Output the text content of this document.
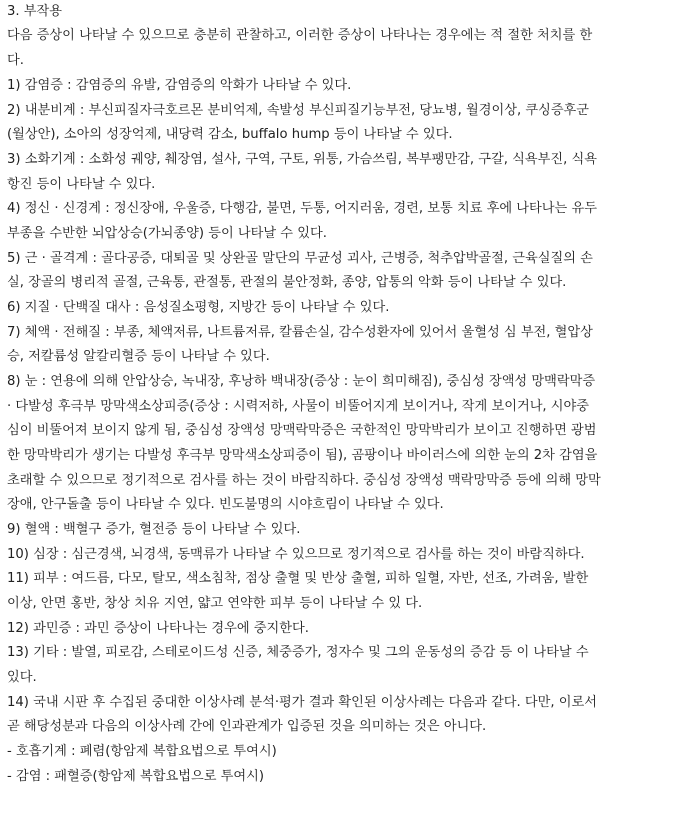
3. 부작용
다음 증상이 나타날 수 있으므로 충분히 관찰하고, 이러한 증상이 나타나는 경우에는 적 절한 처치를 한
다.
1) 감염증 : 감염증의 유발, 감염증의 악화가 나타날 수 있다.
2) 내분비계 : 부신피질자극호르몬 분비억제, 속발성 부신피질기능부전, 당뇨병, 월경이상, 쿠싱증후군
(월상안), 소아의 성장억제, 내당력 감소, buffalo hump 등이 나타날 수 있다.
3) 소화기계 : 소화성 궤양, 췌장염, 설사, 구역, 구토, 위통, 가슴쓰림, 복부팽만감, 구갈, 식욕부진, 식욕
항진 등이 나타날 수 있다.
4) 정신 · 신경계 : 정신장애, 우울증, 다행감, 불면, 두통, 어지러움, 경련, 보통 치료 후에 나타나는 유두
부종을 수반한 뇌압상승(가뇌종양) 등이 나타날 수 있다.
5) 근 · 골격계 : 골다공증, 대퇴골 및 상완골 말단의 무균성 괴사, 근병증, 척추압박골절, 근육실질의 손
실, 장골의 병리적 골절, 근육통, 관절통, 관절의 불안정화, 종양, 압통의 악화 등이 나타날 수 있다.
6) 지질 · 단백질 대사 : 음성질소평형, 지방간 등이 나타날 수 있다.
7) 체액 · 전해질 : 부종, 체액저류, 나트륨저류, 칼륨손실, 감수성환자에 있어서 울혈성 심 부전, 혈압상
승, 저칼륨성 알칼리혈증 등이 나타날 수 있다.
8) 눈 : 연용에 의해 안압상승, 녹내장, 후낭하 백내장(증상 : 눈이 희미해짐), 중심성 장액성 망맥락막증
· 다발성 후극부 망막색소상피증(증상 : 시력저하, 사물이 비뚤어지게 보이거나, 작게 보이거나, 시야중
심이 비뚤어져 보이지 않게 됨, 중심성 장액성 망맥락막증은 국한적인 망막박리가 보이고 진행하면 광범
한 망막박리가 생기는 다발성 후극부 망막색소상피증이 됨), 곰팡이나 바이러스에 의한 눈의 2차 감염을
초래할 수 있으므로 정기적으로 검사를 하는 것이 바람직하다. 중심성 장액성 맥락망막증 등에 의해 망막
장애, 안구돌출 등이 나타날 수 있다. 빈도불명의 시야흐림이 나타날 수 있다.
9) 혈액 : 백혈구 증가, 혈전증 등이 나타날 수 있다.
10) 심장 : 심근경색, 뇌경색, 동맥류가 나타날 수 있으므로 정기적으로 검사를 하는 것이 바람직하다.
11) 피부 : 여드름, 다모, 탈모, 색소침착, 점상 출혈 및 반상 출혈, 피하 일혈, 자반, 선조, 가려움, 발한
이상, 안면 홍반, 창상 치유 지연, 얇고 연약한 피부 등이 나타날 수 있 다.
12) 과민증 : 과민 증상이 나타나는 경우에 중지한다.
13) 기타 : 발열, 피로감, 스테로이드성 신증, 체중증가, 정자수 및 그의 운동성의 증감 등 이 나타날 수
있다.
14) 국내 시판 후 수집된 중대한 이상사례 분석·평가 결과 확인된 이상사례는 다음과 같다. 다만, 이로서
곧 해당성분과 다음의 이상사례 간에 인과관계가 입증된 것을 의미하는 것은 아니다.
- 호흡기계 : 폐렴(항암제 복합요법으로 투여시)
- 감염 : 패혈증(항암제 복합요법으로 투여시)
